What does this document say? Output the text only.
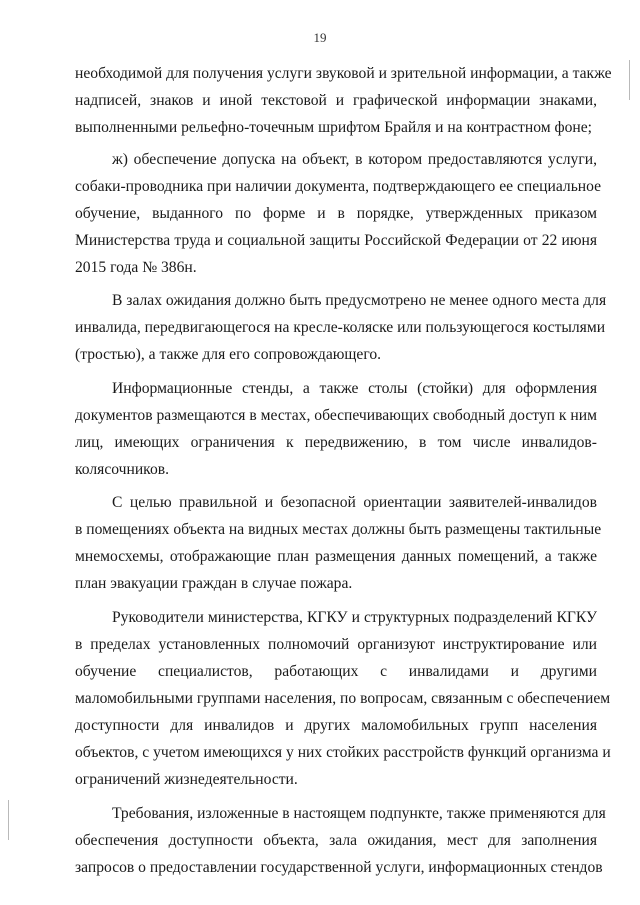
19
необходимой для получения услуги звуковой и зрительной информации, а также
надписей, знаков и иной текстовой и графической информации знаками,
выполненными рельефно-точечным шрифтом Брайля и на контрастном фоне;
ж) обеспечение допуска на объект, в котором предоставляются услуги,
собаки-проводника при наличии документа, подтверждающего ее специальное
обучение, выданного по форме и в порядке, утвержденных приказом
Министерства труда и социальной защиты Российской Федерации от 22 июня
2015 года № 386н.
В залах ожидания должно быть предусмотрено не менее одного места для
инвалида, передвигающегося на кресле-коляске или пользующегося костылями
(тростью), а также для его сопровождающего.
Информационные стенды, а также столы (стойки) для оформления
документов размещаются в местах, обеспечивающих свободный доступ к ним
лиц, имеющих ограничения к передвижению, в том числе инвалидов-
колясочников.
С целью правильной и безопасной ориентации заявителей-инвалидов
в помещениях объекта на видных местах должны быть размещены тактильные
мнемосхемы, отображающие план размещения данных помещений, а также
план эвакуации граждан в случае пожара.
Руководители министерства, КГКУ и структурных подразделений КГКУ
в пределах установленных полномочий организуют инструктирование или
обучение специалистов, работающих с инвалидами и другими
маломобильными группами населения, по вопросам, связанным с обеспечением
доступности для инвалидов и других маломобильных групп населения
объектов, с учетом имеющихся у них стойких расстройств функций организма и
ограничений жизнедеятельности.
Требования, изложенные в настоящем подпункте, также применяются для
обеспечения доступности объекта, зала ожидания, мест для заполнения
запросов о предоставлении государственной услуги, информационных стендов
